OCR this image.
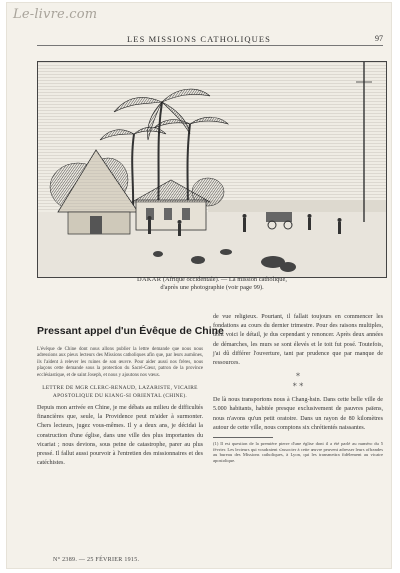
Le-livre.com
LES MISSIONS CATHOLIQUES	97
DAKAR (Afrique occidentale). — La mission catholique,
d'après une photographie (voir page 99).
Pressant appel d'un Évêque de Chine

L'évêque de Chine dont nous allons publier la lettre demande que nous nous adressions aux pieux lecteurs des Missions catholiques afin que, par leurs aumônes, ils l'aident à relever les ruines de son œuvre. Pour aider aussi nos frères, nous plaçons cette demande sous la protection du Sacré-Cœur, patron de la province ecclésiastique, et de saint Joseph, et nous y ajoutons nos vœux.

LETTRE DE MGR CLERC-RENAUD, LAZARISTE, VICAIRE APOSTOLIQUE DU KIANG-SI ORIENTAL (CHINE).

Depuis mon arrivée en Chine, je me débats au milieu de difficultés financières que, seule, la Providence peut m'aider à surmonter. Chers lecteurs, jugez vous-mêmes. Il y a deux ans, je décidai la construction d'une église, dans une ville des plus importantes du vicariat ; nous devions, sous peine de catastrophe, parer au plus pressé. Il fallut aussi pourvoir à l'entretien des missionnaires et des catéchistes.

de vue religieux. Pourtant, il fallait toujours en commencer les fondations au cours du dernier trimestre. Pour des raisons multiples, dont voici le détail, je dus cependant y renoncer. Après deux années de démarches, les murs se sont élevés et le toit fut posé. Toutefois, j'ai dû différer l'ouverture, tant par prudence que par manque de ressources.

*
* *

De là nous transportons nous à Chang-hsin. Dans cette belle ville de 5.000 habitants, habitée presque exclusivement de pauvres païens, nous n'avons qu'un petit oratoire. Dans un rayon de 80 kilomètres autour de cette ville, nous comptons six chrétientés naissantes.

(1) Il est question de la première pierre d'une église dont il a été parlé au numéro du 5 février. Les lecteurs qui voudraient s'associer à cette œuvre peuvent adresser leurs offrandes au bureau des Missions catholiques, à Lyon, qui les transmettra fidèlement au vicaire apostolique.

N° 2389. — 25 FÉVRIER 1915.
